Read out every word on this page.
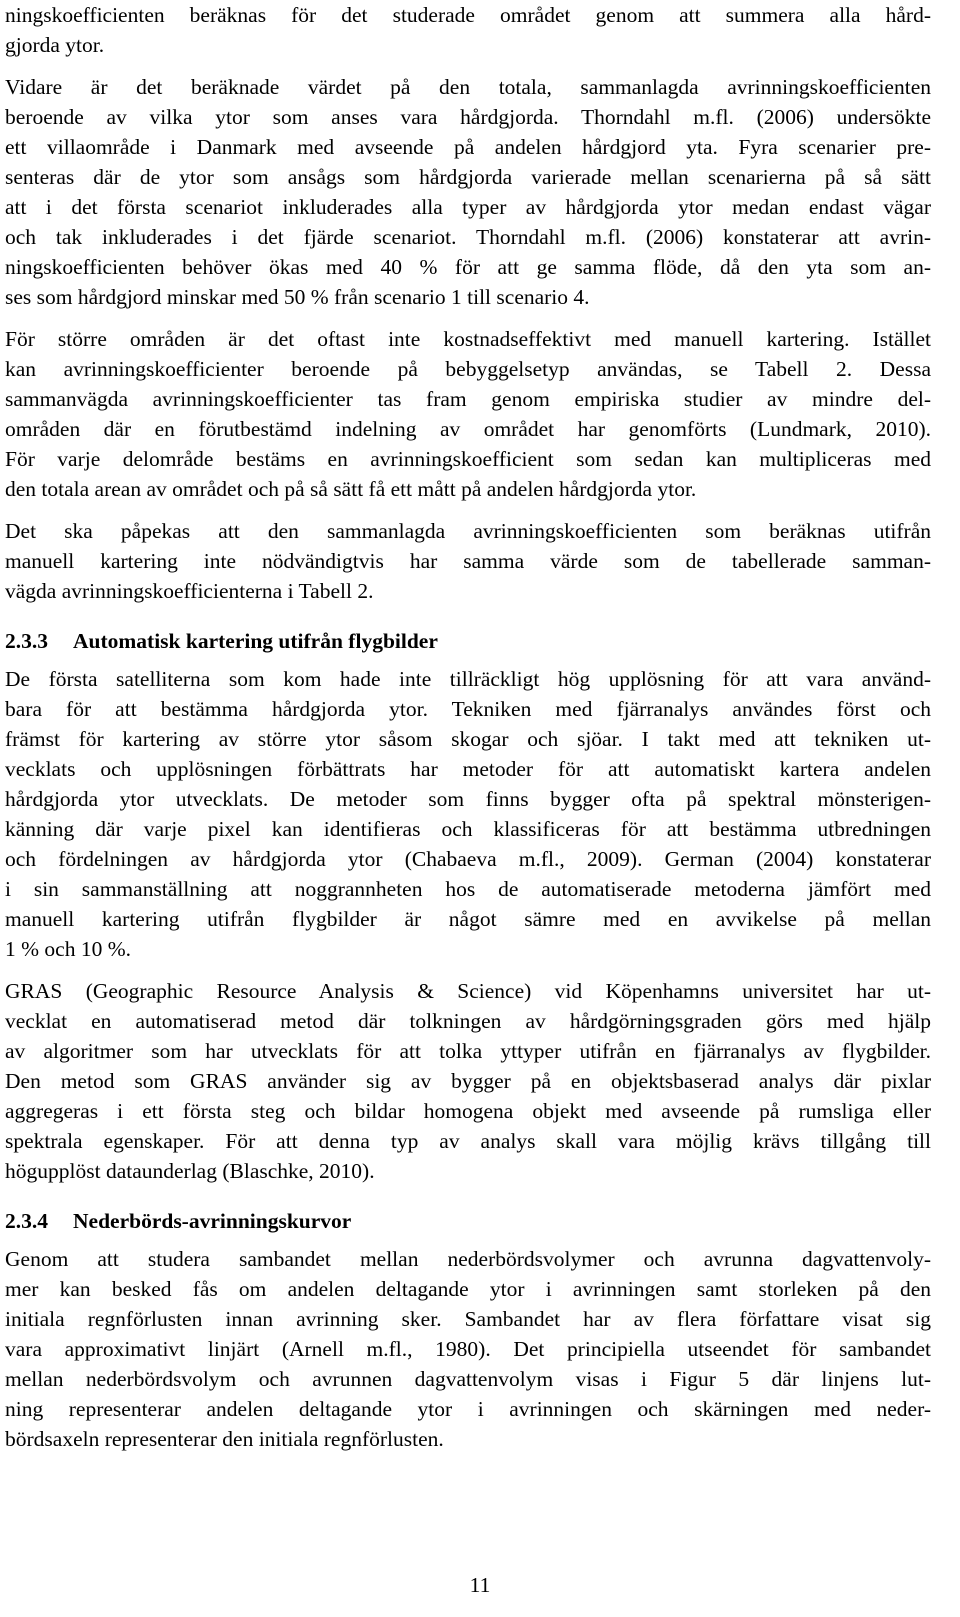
ningskoefficienten beräknas för det studerade området genom att summera alla hård-
gjorda ytor.
Vidare är det beräknade värdet på den totala, sammanlagda avrinningskoefficienten
beroende av vilka ytor som anses vara hårdgjorda. Thorndahl m.fl. (2006) undersökte
ett villaområde i Danmark med avseende på andelen hårdgjord yta. Fyra scenarier pre-
senteras där de ytor som ansågs som hårdgjorda varierade mellan scenarierna på så sätt
att i det första scenariot inkluderades alla typer av hårdgjorda ytor medan endast vägar
och tak inkluderades i det fjärde scenariot. Thorndahl m.fl. (2006) konstaterar att avrin-
ningskoefficienten behöver ökas med 40 % för att ge samma flöde, då den yta som an-
ses som hårdgjord minskar med 50 % från scenario 1 till scenario 4.
För större områden är det oftast inte kostnadseffektivt med manuell kartering. Istället
kan avrinningskoefficienter beroende på bebyggelsetyp användas, se Tabell 2. Dessa
sammanvägda avrinningskoefficienter tas fram genom empiriska studier av mindre del-
områden där en förutbestämd indelning av området har genomförts (Lundmark, 2010).
För varje delområde bestäms en avrinningskoefficient som sedan kan multipliceras med
den totala arean av området och på så sätt få ett mått på andelen hårdgjorda ytor.
Det ska påpekas att den sammanlagda avrinningskoefficienten som beräknas utifrån
manuell kartering inte nödvändigtvis har samma värde som de tabellerade samman-
vägda avrinningskoefficienterna i Tabell 2.
2.3.3 Automatisk kartering utifrån flygbilder
De första satelliterna som kom hade inte tillräckligt hög upplösning för att vara använd-
bara för att bestämma hårdgjorda ytor. Tekniken med fjärranalys användes först och
främst för kartering av större ytor såsom skogar och sjöar. I takt med att tekniken ut-
vecklats och upplösningen förbättrats har metoder för att automatiskt kartera andelen
hårdgjorda ytor utvecklats. De metoder som finns bygger ofta på spektral mönsterigen-
känning där varje pixel kan identifieras och klassificeras för att bestämma utbredningen
och fördelningen av hårdgjorda ytor (Chabaeva m.fl., 2009). German (2004) konstaterar
i sin sammanställning att noggrannheten hos de automatiserade metoderna jämfört med
manuell kartering utifrån flygbilder är något sämre med en avvikelse på mellan
1 % och 10 %.
GRAS (Geographic Resource Analysis & Science) vid Köpenhamns universitet har ut-
vecklat en automatiserad metod där tolkningen av hårdgörningsgraden görs med hjälp
av algoritmer som har utvecklats för att tolka yttyper utifrån en fjärranalys av flygbilder.
Den metod som GRAS använder sig av bygger på en objektsbaserad analys där pixlar
aggregeras i ett första steg och bildar homogena objekt med avseende på rumsliga eller
spektrala egenskaper. För att denna typ av analys skall vara möjlig krävs tillgång till
högupplöst dataunderlag (Blaschke, 2010).
2.3.4 Nederbörds-avrinningskurvor
Genom att studera sambandet mellan nederbördsvolymer och avrunna dagvattenvoly-
mer kan besked fås om andelen deltagande ytor i avrinningen samt storleken på den
initiala regnförlusten innan avrinning sker. Sambandet har av flera författare visat sig
vara approximativt linjärt (Arnell m.fl., 1980). Det principiella utseendet för sambandet
mellan nederbördsvolym och avrunnen dagvattenvolym visas i Figur 5 där linjens lut-
ning representerar andelen deltagande ytor i avrinningen och skärningen med neder-
bördsaxeln representerar den initiala regnförlusten.
11
